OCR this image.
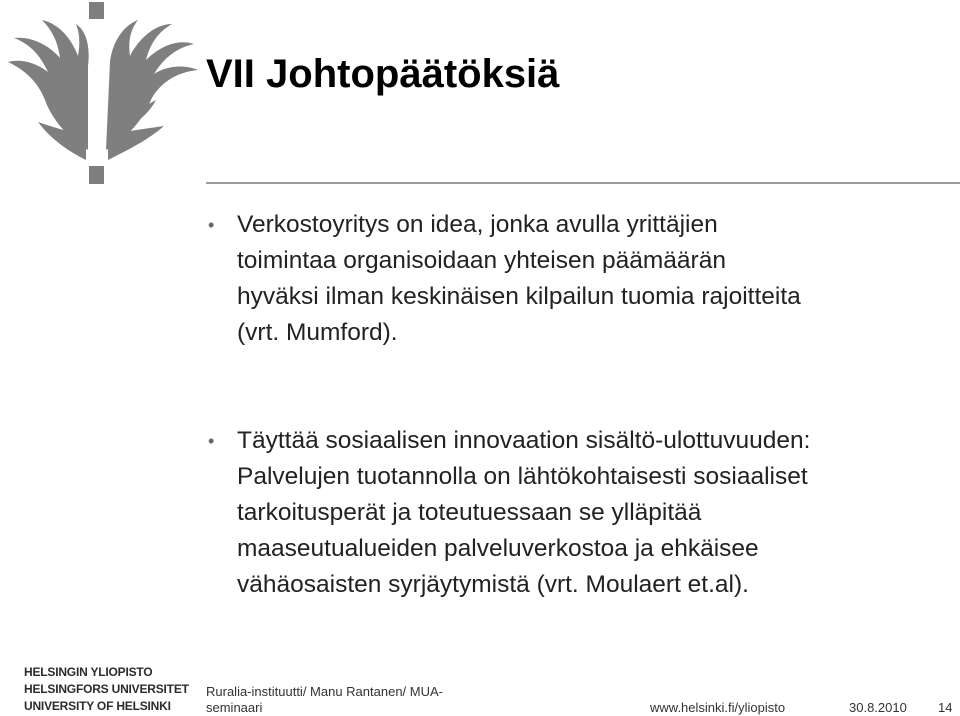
VII Johtopäätöksiä
• Verkostoyritys on idea, jonka avulla yrittäjien
toimintaa organisoidaan yhteisen päämäärän
hyväksi ilman keskinäisen kilpailun tuomia rajoitteita
(vrt. Mumford).
• Täyttää sosiaalisen innovaation sisältö-ulottuvuuden:
Palvelujen tuotannolla on lähtökohtaisesti sosiaaliset
tarkoitusperät ja toteutuessaan se ylläpitää
maaseutualueiden palveluverkostoa ja ehkäisee
vähäosaisten syrjäytymistä (vrt. Moulaert et.al).
HELSINGIN YLIOPISTO
HELSINGFORS UNIVERSITET
UNIVERSITY OF HELSINKI
Ruralia-instituutti/ Manu Rantanen/ MUA-
seminaari	www.helsinki.fi/yliopisto	30.8.2010 14
